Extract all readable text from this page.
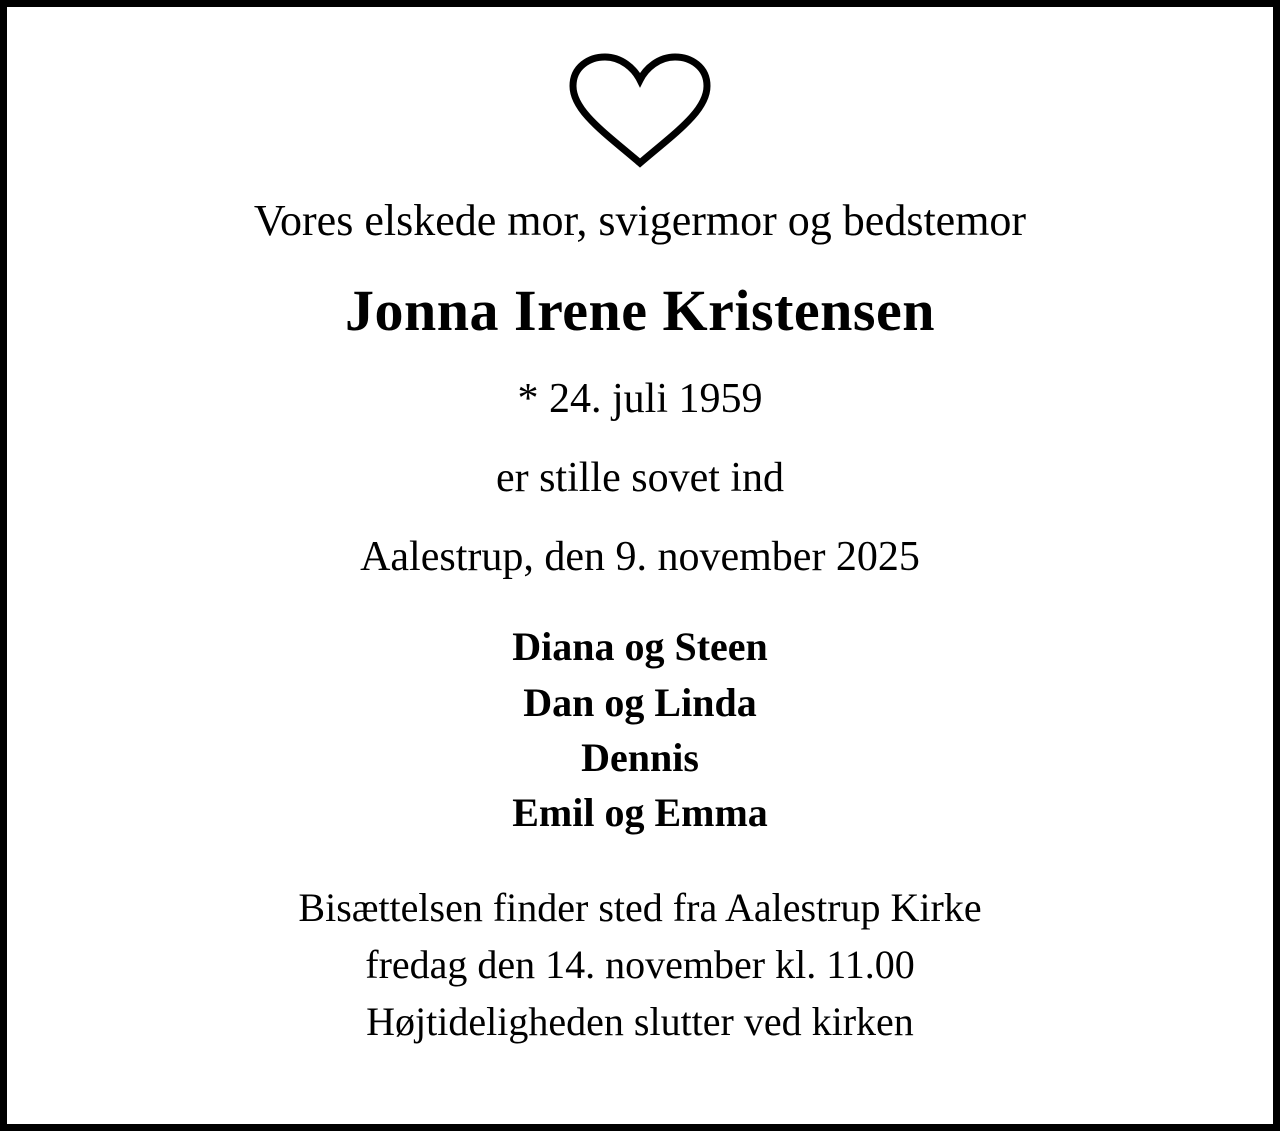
Vores elskede mor, svigermor og bedstemor
Jonna Irene Kristensen
* 24. juli 1959
er stille sovet ind
Aalestrup, den 9. november 2025
Diana og Steen
Dan og Linda
Dennis
Emil og Emma
Bisættelsen finder sted fra Aalestrup Kirke
fredag den 14. november kl. 11.00
Højtideligheden slutter ved kirken
